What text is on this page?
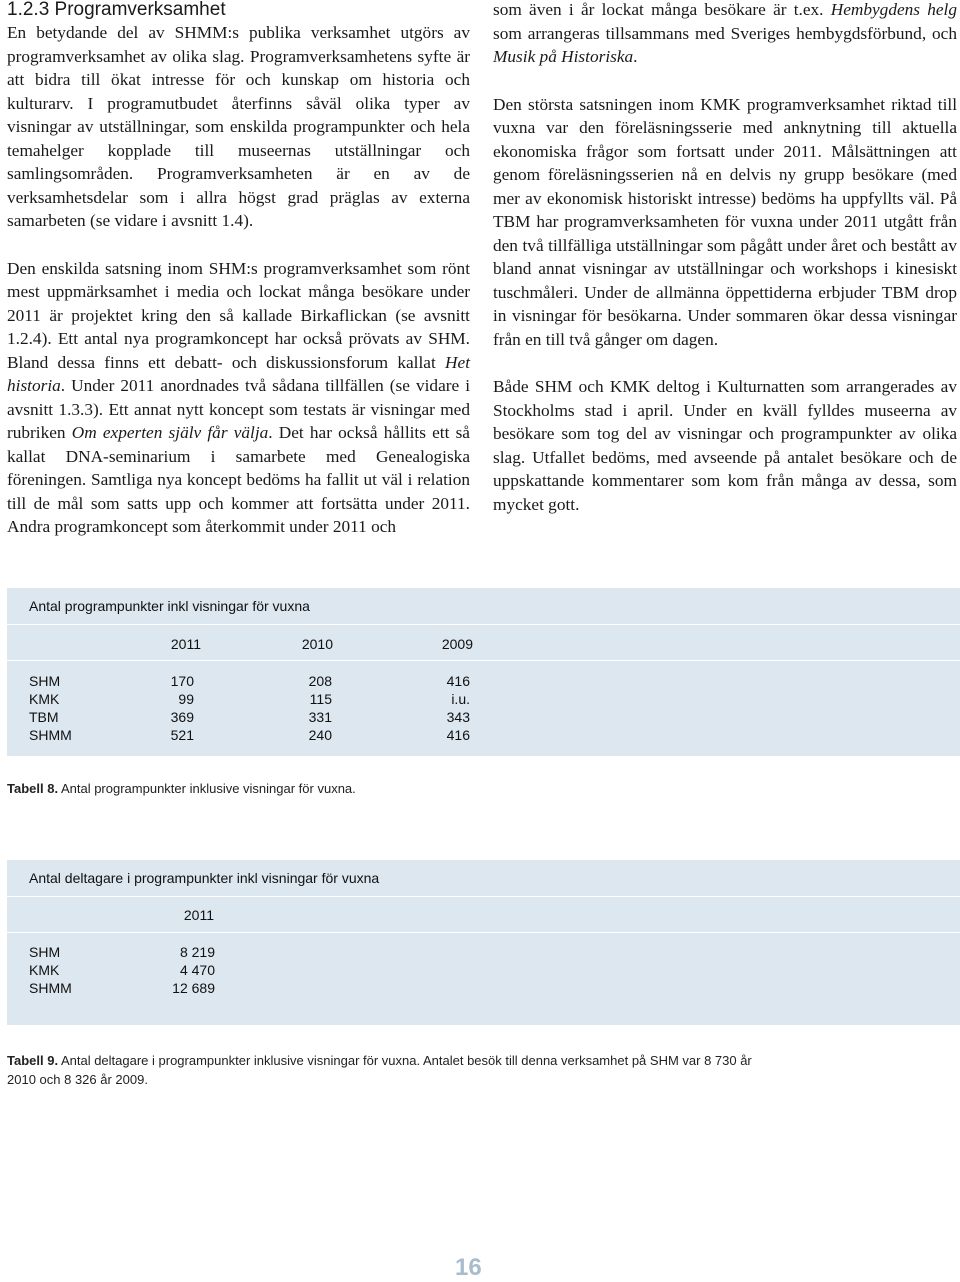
1.2.3 Programverksamhet

En betydande del av SHMM:s publika verksamhet utgörs av programverksamhet av olika slag. Programverksamhetens syfte är att bidra till ökat intresse för och kunskap om historia och kulturarv. I programutbudet återfinns såväl olika typer av visningar av utställningar, som enskilda programpunkter och hela temahelger kopplade till museernas utställningar och samlingsområden. Programverksamheten är en av de verksamhetsdelar som i allra högst grad präglas av externa samarbeten (se vidare i avsnitt 1.4).

Den enskilda satsning inom SHM:s programverksamhet som rönt mest uppmärksamhet i media och lockat många besökare under 2011 är projektet kring den så kallade Birkaflickan (se avsnitt 1.2.4). Ett antal nya programkoncept har också prövats av SHM. Bland dessa finns ett debatt- och diskussionsforum kallat Het historia. Under 2011 anordnades två sådana tillfällen (se vidare i avsnitt 1.3.3). Ett annat nytt koncept som testats är visningar med rubriken Om experten själv får välja. Det har också hållits ett så kallat DNA-seminarium i samarbete med Genealogiska föreningen. Samtliga nya koncept bedöms ha fallit ut väl i relation till de mål som satts upp och kommer att fortsätta under 2011. Andra programkoncept som återkommit under 2011 och

som även i år lockat många besökare är t.ex. Hembygdens helg som arrangeras tillsammans med Sveriges hembygdsförbund, och Musik på Historiska.

Den största satsningen inom KMK programverksamhet riktad till vuxna var den föreläsningsserie med anknytning till aktuella ekonomiska frågor som fortsatt under 2011. Målsättningen att genom föreläsningsserien nå en delvis ny grupp besökare (med mer av ekonomisk historiskt intresse) bedöms ha uppfyllts väl. På TBM har programverksamheten för vuxna under 2011 utgått från den två tillfälliga utställningar som pågått under året och bestått av bland annat visningar av utställningar och workshops i kinesiskt tuschmåleri. Under de allmänna öppettiderna erbjuder TBM drop in visningar för besökarna. Under sommaren ökar dessa visningar från en till två gånger om dagen.

Både SHM och KMK deltog i Kulturnatten som arrangerades av Stockholms stad i april. Under en kväll fylldes museerna av besökare som tog del av visningar och programpunkter av olika slag. Utfallet bedöms, med avseende på antalet besökare och de uppskattande kommentarer som kom från många av dessa, som mycket gott.

Antal programpunkter inkl visningar för vuxna
2011	2010	2009
SHM	170	208	416
KMK	99	115	i.u.
TBM	369	331	343
SHMM	521	240	416
Tabell 8. Antal programpunkter inklusive visningar för vuxna.
Antal deltagare i programpunkter inkl visningar för vuxna
2011
SHM	8 219
KMK	4 470
SHMM	12 689
Tabell 9. Antal deltagare i programpunkter inklusive visningar för vuxna. Antalet besök till denna verksamhet på SHM var 8 730 år 2010 och 8 326 år 2009.
16
